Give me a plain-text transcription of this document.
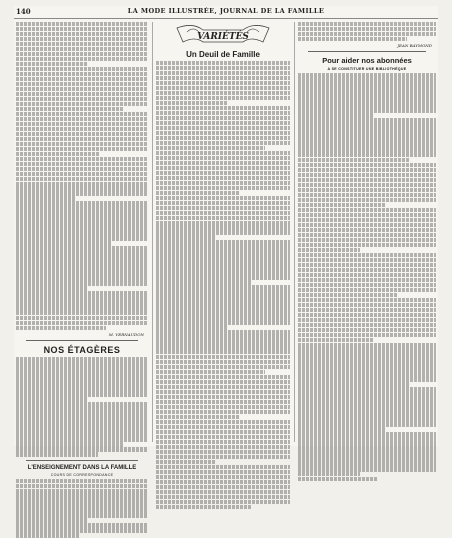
140	LA MODE ILLUSTRÉE, JOURNAL DE LA FAMILLE
M. VERNAUDON
NOS ÉTAGÈRES
L'ENSEIGNEMENT DANS LA FAMILLE
COURS DE CORRESPONDANCE
VARIÉTÉS
Un Deuil de Famille
JEAN BAYMOND
Pour aider nos abonnées
A SE CONSTITUER UNE BIBLIOTHÈQUE
